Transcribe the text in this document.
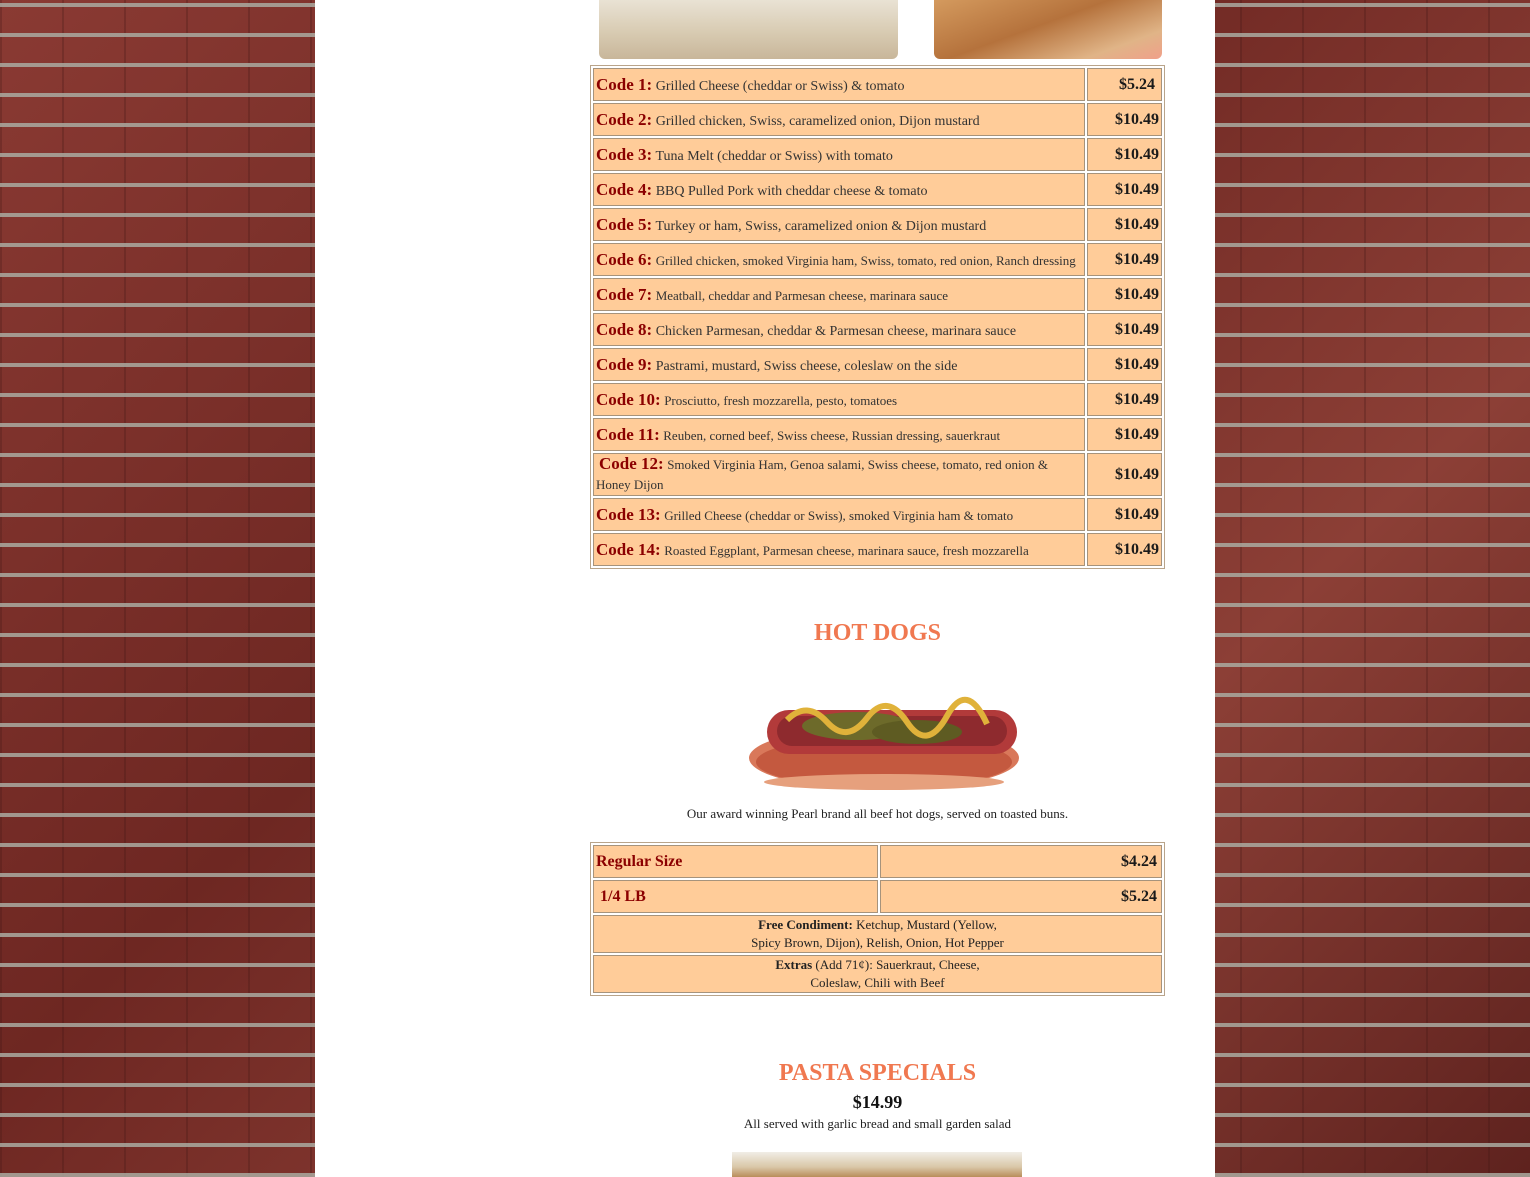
Code 1: Grilled Cheese (cheddar or Swiss) & tomato	$5.24
Code 2: Grilled chicken, Swiss, caramelized onion, Dijon mustard	$10.49
Code 3: Tuna Melt (cheddar or Swiss) with tomato	$10.49
Code 4: BBQ Pulled Pork with cheddar cheese & tomato	$10.49
Code 5: Turkey or ham, Swiss, caramelized onion & Dijon mustard	$10.49
Code 6: Grilled chicken, smoked Virginia ham, Swiss, tomato, red onion, Ranch dressing	$10.49
Code 7: Meatball, cheddar and Parmesan cheese, marinara sauce	$10.49
Code 8: Chicken Parmesan, cheddar & Parmesan cheese, marinara sauce	$10.49
Code 9: Pastrami, mustard, Swiss cheese, coleslaw on the side	$10.49
Code 10: Prosciutto, fresh mozzarella, pesto, tomatoes	$10.49
Code 11: Reuben, corned beef, Swiss cheese, Russian dressing, sauerkraut	$10.49
Code 12: Smoked Virginia Ham, Genoa salami, Swiss cheese, tomato, red onion & Honey Dijon	$10.49
Code 13: Grilled Cheese (cheddar or Swiss), smoked Virginia ham & tomato	$10.49
Code 14: Roasted Eggplant, Parmesan cheese, marinara sauce, fresh mozzarella	$10.49
HOT DOGS
Our award winning Pearl brand all beef hot dogs, served on toasted buns.
Regular Size	$4.24
1/4 LB	$5.24
Free Condiment: Ketchup, Mustard (Yellow,
Spicy Brown, Dijon), Relish, Onion, Hot Pepper	
Extras (Add 71¢): Sauerkraut, Cheese,
Coleslaw, Chili with Beef	
PASTA SPECIALS
$14.99
All served with garlic bread and small garden salad
